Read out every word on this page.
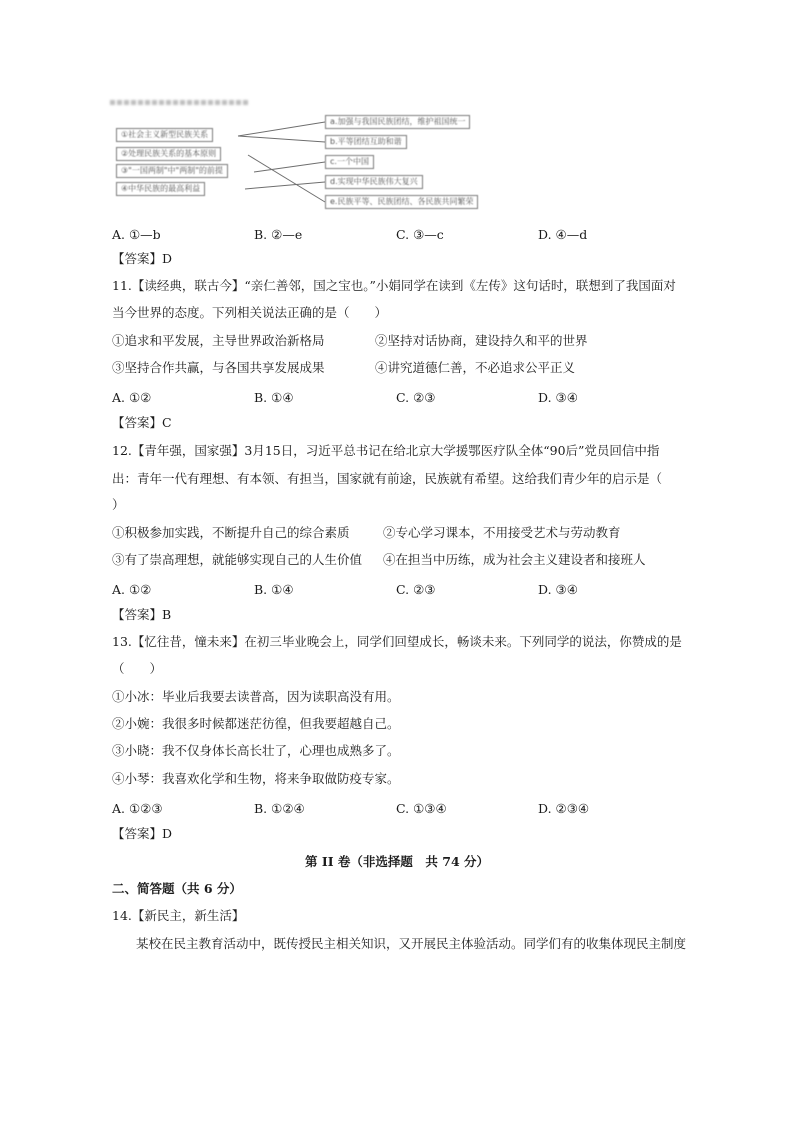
①社会主义新型民族关系
②处理民族关系的基本原则
③"一国两制"中"两制"的前提
④中华民族的最高利益
a.加强与我国民族团结，维护祖国统一
b.平等团结互助和谐
c.一个中国
d.实现中华民族伟大复兴
e.民族平等、民族团结、各民族共同繁荣
A. ①—b	B. ②—e	C. ③—c	D. ④—d
【答案】D
11.【读经典，联古今】“亲仁善邻，国之宝也。”小娟同学在读到《左传》这句话时，联想到了我国面对
当今世界的态度。下列相关说法正确的是（　　）
①追求和平发展，主导世界政治新格局	②坚持对话协商，建设持久和平的世界
③坚持合作共赢，与各国共享发展成果	④讲究道德仁善，不必追求公平正义
A. ①②	B. ①④	C. ②③	D. ③④
【答案】C
12.【青年强，国家强】3月15日，习近平总书记在给北京大学援鄂医疗队全体“90后”党员回信中指
出：青年一代有理想、有本领、有担当，国家就有前途，民族就有希望。这给我们青少年的启示是（
）
①积极参加实践，不断提升自己的综合素质	②专心学习课本，不用接受艺术与劳动教育
③有了崇高理想，就能够实现自己的人生价值 ④在担当中历练，成为社会主义建设者和接班人
A. ①②	B. ①④	C. ②③	D. ③④
【答案】B
13.【忆往昔，憧未来】在初三毕业晚会上，同学们回望成长，畅谈未来。下列同学的说法，你赞成的是
（　　）
①小冰：毕业后我要去读普高，因为读职高没有用。
②小婉：我很多时候都迷茫彷徨，但我要超越自己。
③小晓：我不仅身体长高长壮了，心理也成熟多了。
④小琴：我喜欢化学和生物，将来争取做防疫专家。
A. ①②③	B. ①②④	C. ①③④	D. ②③④
【答案】D
第 II 卷（非选择题　共 74 分）
二、简答题（共 6 分）
14.【新民主，新生活】
某校在民主教育活动中，既传授民主相关知识，又开展民主体验活动。同学们有的收集体现民主制度
